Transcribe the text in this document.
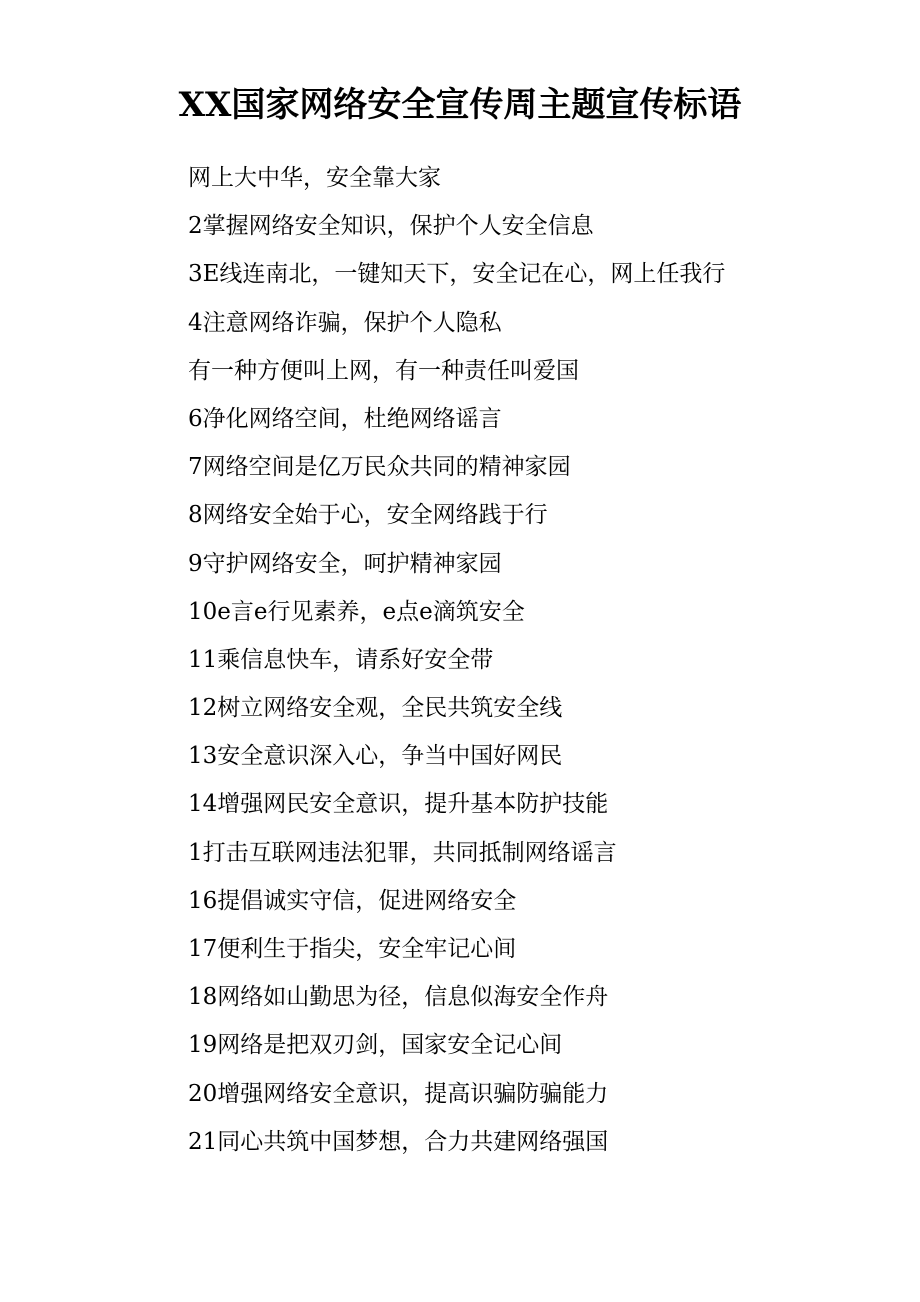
XX国家网络安全宣传周主题宣传标语
网上大中华，安全靠大家
2掌握网络安全知识，保护个人安全信息
3E线连南北，一键知天下，安全记在心，网上任我行
4注意网络诈骗，保护个人隐私
有一种方便叫上网，有一种责任叫爱国
6净化网络空间，杜绝网络谣言
7网络空间是亿万民众共同的精神家园
8网络安全始于心，安全网络践于行
9守护网络安全，呵护精神家园
10e言e行见素养，e点e滴筑安全
11乘信息快车，请系好安全带
12树立网络安全观，全民共筑安全线
13安全意识深入心，争当中国好网民
14增强网民安全意识，提升基本防护技能
1打击互联网违法犯罪，共同抵制网络谣言
16提倡诚实守信，促进网络安全
17便利生于指尖，安全牢记心间
18网络如山勤思为径，信息似海安全作舟
19网络是把双刃剑，国家安全记心间
20增强网络安全意识，提高识骗防骗能力
21同心共筑中国梦想，合力共建网络强国
